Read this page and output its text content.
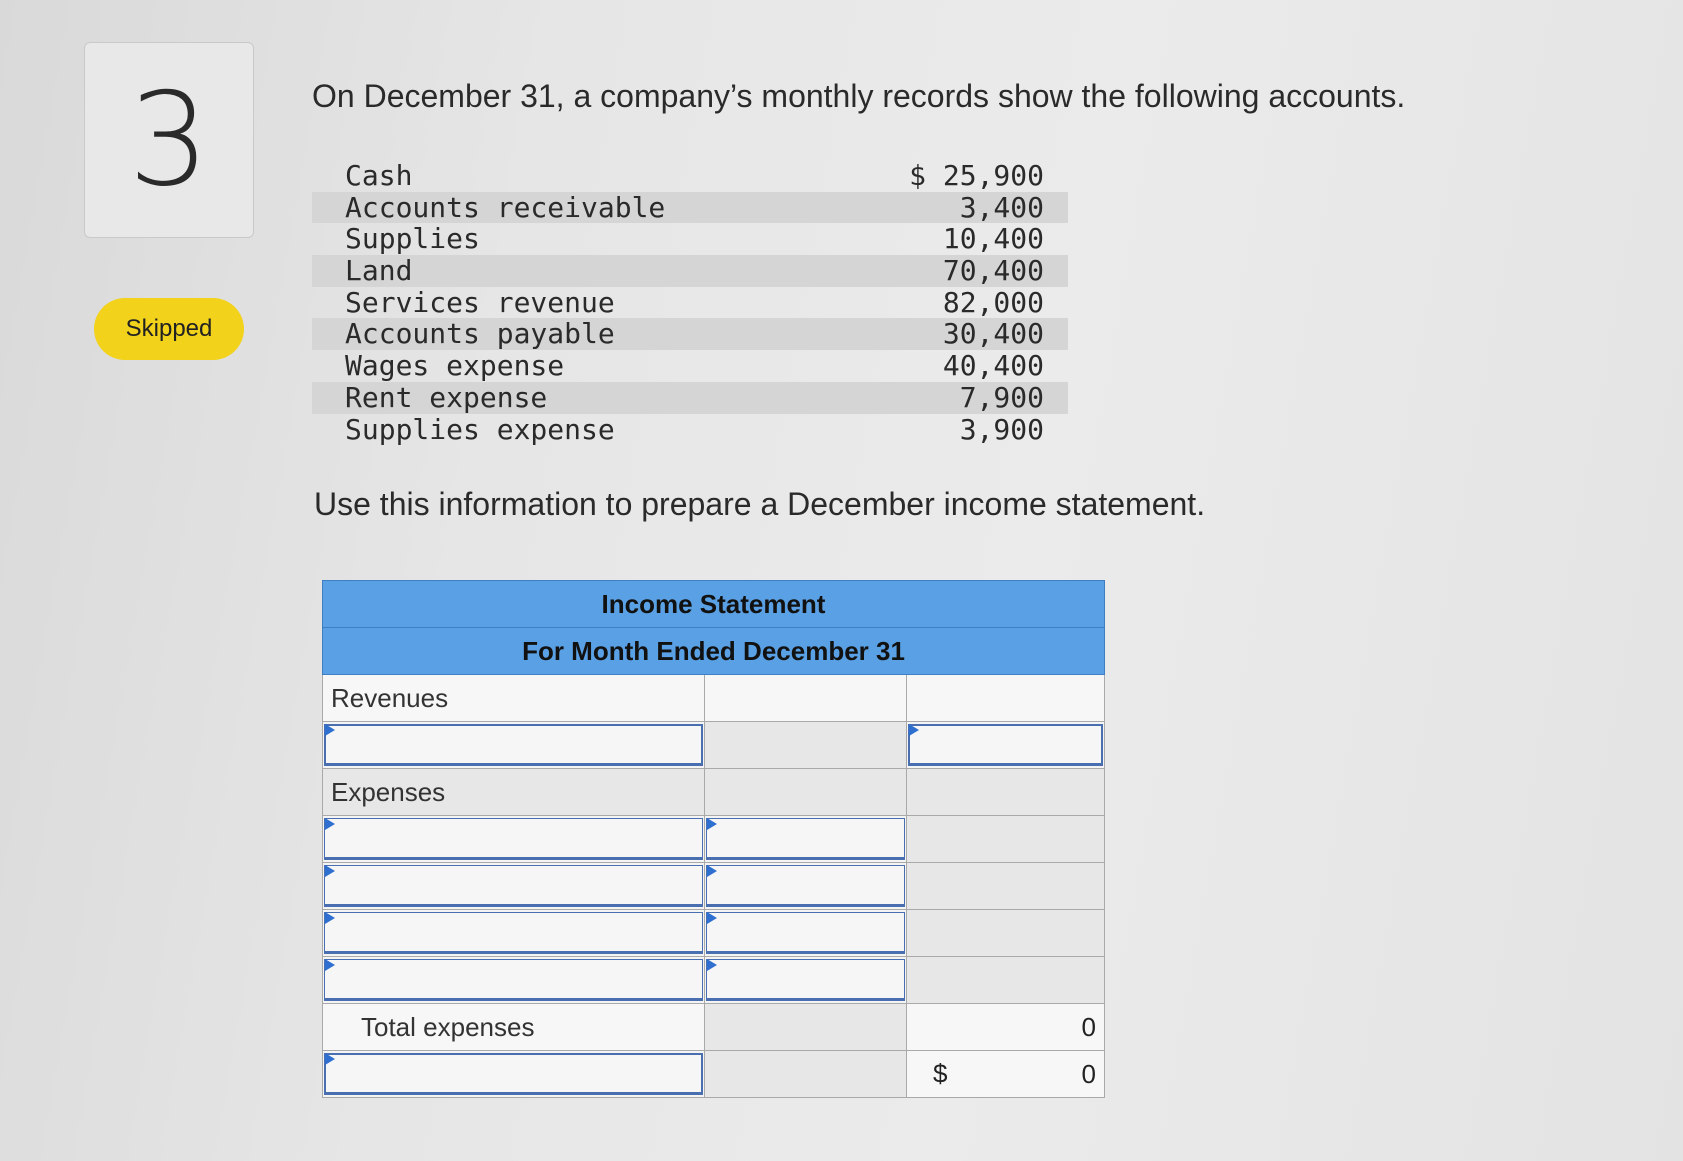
3
Skipped
On December 31, a company’s monthly records show the following accounts.
Cash	$ 25,900
Accounts receivable	3,400
Supplies	10,400
Land	70,400
Services revenue	82,000
Accounts payable	30,400
Wages expense	40,400
Rent expense	7,900
Supplies expense	3,900
Use this information to prepare a December income statement.
Income Statement		
For Month Ended December 31		
Revenues		

Expenses		

Total expenses		0

		$ 0
